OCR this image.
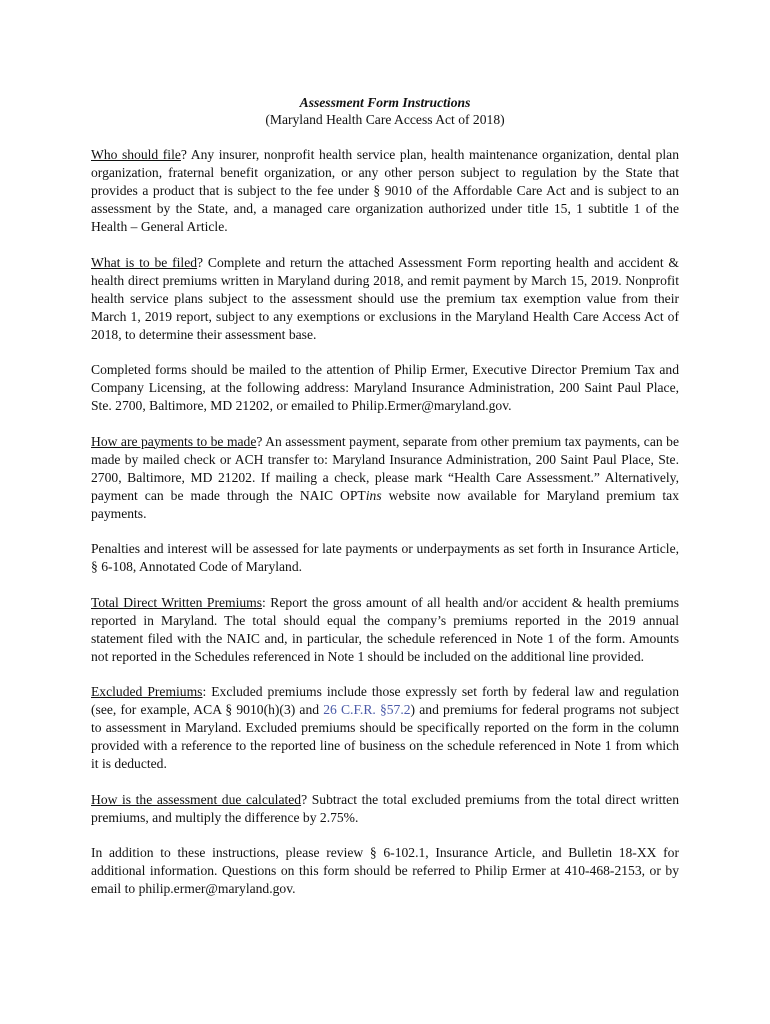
Assessment Form Instructions
(Maryland Health Care Access Act of 2018)

Who should file? Any insurer, nonprofit health service plan, health maintenance organization, dental plan organization, fraternal benefit organization, or any other person subject to regulation by the State that provides a product that is subject to the fee under § 9010 of the Affordable Care Act and is subject to an assessment by the State, and, a managed care organization authorized under title 15, 1 subtitle 1 of the Health – General Article.

What is to be filed? Complete and return the attached Assessment Form reporting health and accident & health direct premiums written in Maryland during 2018, and remit payment by March 15, 2019. Nonprofit health service plans subject to the assessment should use the premium tax exemption value from their March 1, 2019 report, subject to any exemptions or exclusions in the Maryland Health Care Access Act of 2018, to determine their assessment base.

Completed forms should be mailed to the attention of Philip Ermer, Executive Director Premium Tax and Company Licensing, at the following address: Maryland Insurance Administration, 200 Saint Paul Place, Ste. 2700, Baltimore, MD 21202, or emailed to Philip.Ermer@maryland.gov.

How are payments to be made? An assessment payment, separate from other premium tax payments, can be made by mailed check or ACH transfer to: Maryland Insurance Administration, 200 Saint Paul Place, Ste. 2700, Baltimore, MD 21202. If mailing a check, please mark “Health Care Assessment.” Alternatively, payment can be made through the NAIC OPTins website now available for Maryland premium tax payments.

Penalties and interest will be assessed for late payments or underpayments as set forth in Insurance Article, § 6-108, Annotated Code of Maryland.

Total Direct Written Premiums: Report the gross amount of all health and/or accident & health premiums reported in Maryland. The total should equal the company’s premiums reported in the 2019 annual statement filed with the NAIC and, in particular, the schedule referenced in Note 1 of the form. Amounts not reported in the Schedules referenced in Note 1 should be included on the additional line provided.

Excluded Premiums: Excluded premiums include those expressly set forth by federal law and regulation (see, for example, ACA § 9010(h)(3) and 26 C.F.R. §57.2) and premiums for federal programs not subject to assessment in Maryland. Excluded premiums should be specifically reported on the form in the column provided with a reference to the reported line of business on the schedule referenced in Note 1 from which it is deducted.

How is the assessment due calculated? Subtract the total excluded premiums from the total direct written premiums, and multiply the difference by 2.75%.

In addition to these instructions, please review § 6-102.1, Insurance Article, and Bulletin 18-XX for additional information. Questions on this form should be referred to Philip Ermer at 410-468-2153, or by email to philip.ermer@maryland.gov.
